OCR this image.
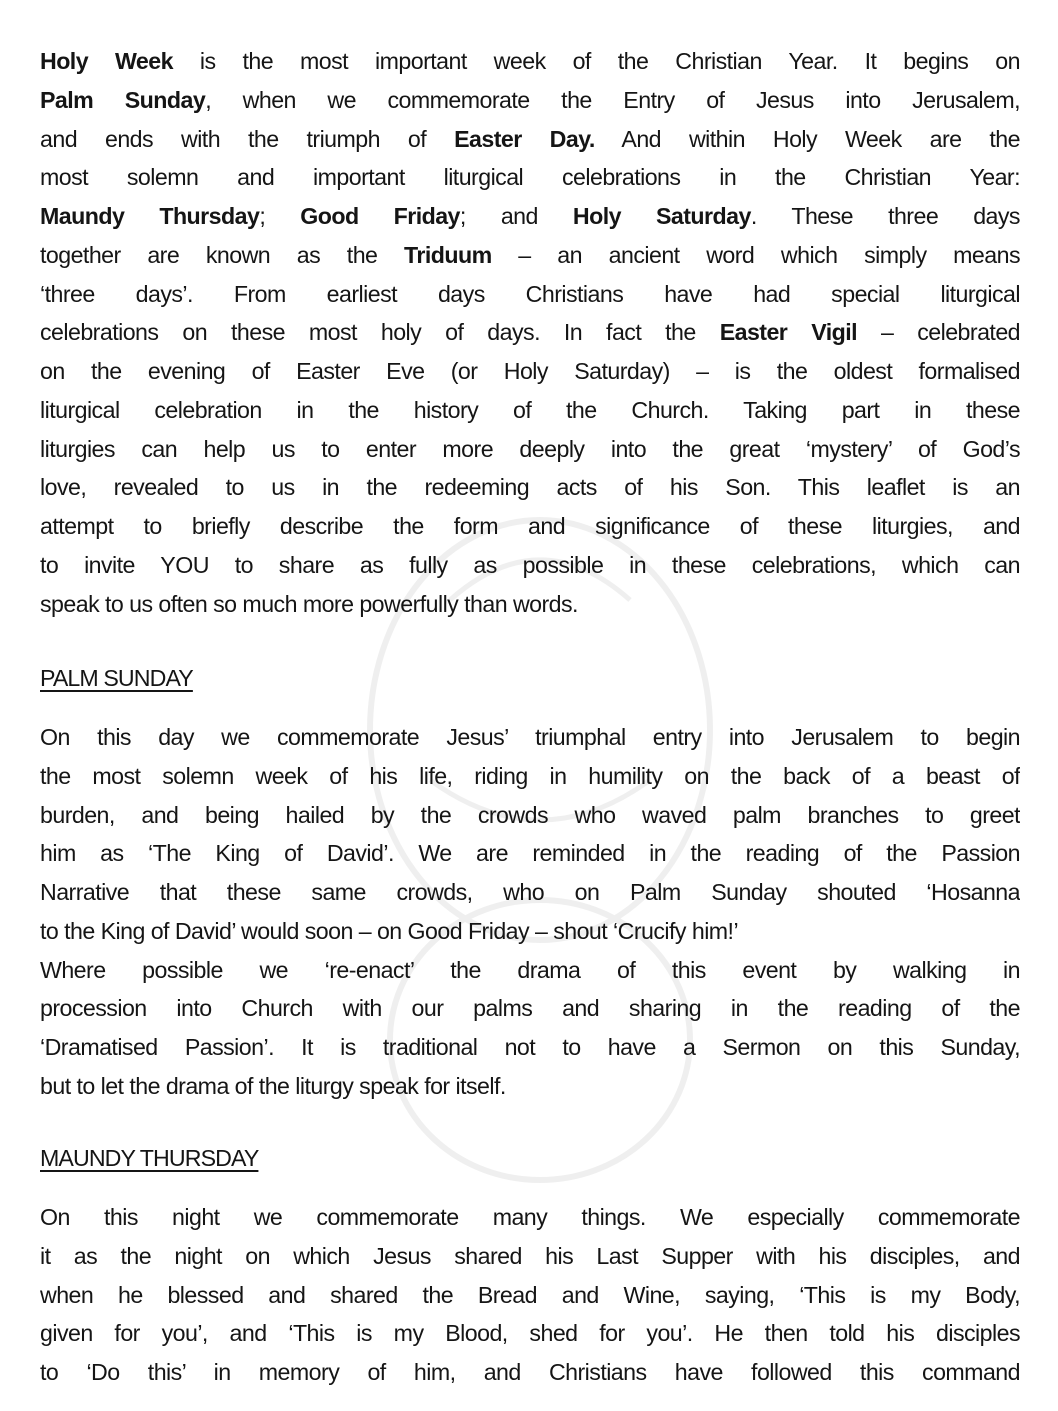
Holy Week is the most important week of the Christian Year. It begins on
Palm Sunday, when we commemorate the Entry of Jesus into Jerusalem,
and ends with the triumph of Easter Day. And within Holy Week are the
most solemn and important liturgical celebrations in the Christian Year:
Maundy Thursday; Good Friday; and Holy Saturday. These three days
together are known as the Triduum – an ancient word which simply means
‘three days’. From earliest days Christians have had special liturgical
celebrations on these most holy of days. In fact the Easter Vigil – celebrated
on the evening of Easter Eve (or Holy Saturday) – is the oldest formalised
liturgical celebration in the history of the Church. Taking part in these
liturgies can help us to enter more deeply into the great ‘mystery’ of God’s
love, revealed to us in the redeeming acts of his Son. This leaflet is an
attempt to briefly describe the form and significance of these liturgies, and
to invite YOU to share as fully as possible in these celebrations, which can
speak to us often so much more powerfully than words.
PALM SUNDAY
On this day we commemorate Jesus’ triumphal entry into Jerusalem to begin
the most solemn week of his life, riding in humility on the back of a beast of
burden, and being hailed by the crowds who waved palm branches to greet
him as ‘The King of David’. We are reminded in the reading of the Passion
Narrative that these same crowds, who on Palm Sunday shouted ‘Hosanna
to the King of David’ would soon – on Good Friday – shout ‘Crucify him!’
Where possible we ‘re-enact’ the drama of this event by walking in
procession into Church with our palms and sharing in the reading of the
‘Dramatised Passion’. It is traditional not to have a Sermon on this Sunday,
but to let the drama of the liturgy speak for itself.
MAUNDY THURSDAY
On this night we commemorate many things. We especially commemorate
it as the night on which Jesus shared his Last Supper with his disciples, and
when he blessed and shared the Bread and Wine, saying, ‘This is my Body,
given for you’, and ‘This is my Blood, shed for you’. He then told his disciples
to ‘Do this’ in memory of him, and Christians have followed this command
